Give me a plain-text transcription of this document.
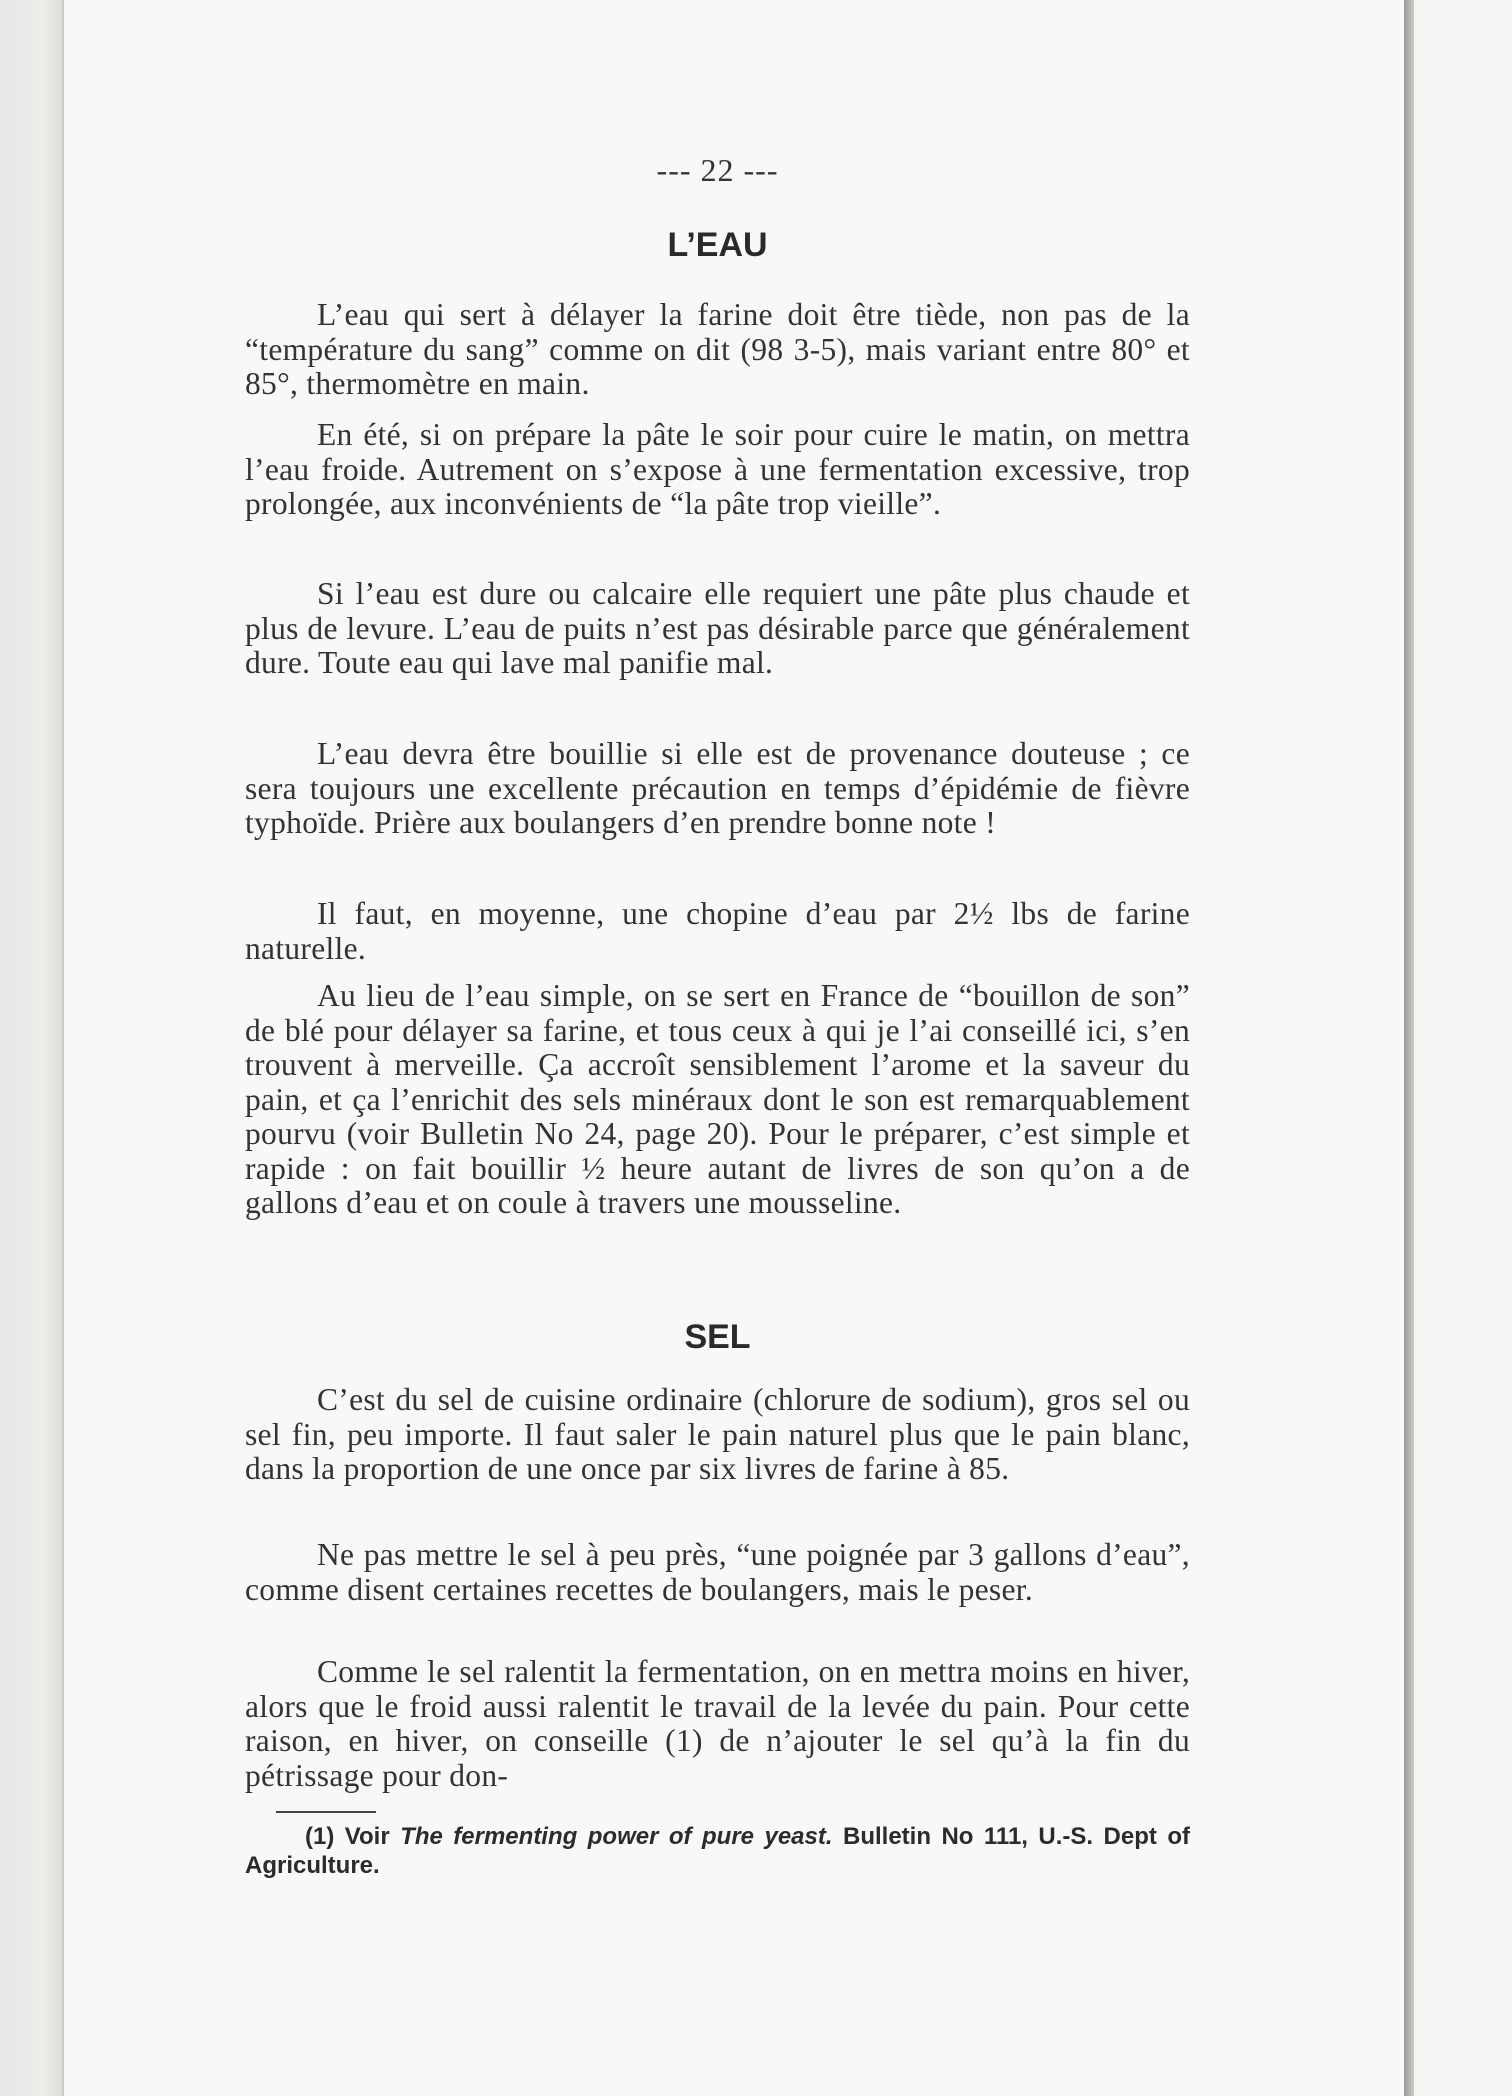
--- 22 ---
L’EAU

L’eau qui sert à délayer la farine doit être tiède, non pas de la “température du sang” comme on dit (98 3-5), mais variant entre 80° et 85°, thermomètre en main.

En été, si on prépare la pâte le soir pour cuire le matin, on mettra l’eau froide. Autrement on s’expose à une fermentation excessive, trop prolongée, aux inconvénients de “la pâte trop vieille”.

Si l’eau est dure ou calcaire elle requiert une pâte plus chaude et plus de levure. L’eau de puits n’est pas désirable parce que généralement dure. Toute eau qui lave mal panifie mal.

L’eau devra être bouillie si elle est de provenance douteuse ; ce sera toujours une excellente précaution en temps d’épidémie de fièvre typhoïde. Prière aux boulangers d’en prendre bonne note !

Il faut, en moyenne, une chopine d’eau par 2½ lbs de farine naturelle.

Au lieu de l’eau simple, on se sert en France de “bouillon de son” de blé pour délayer sa farine, et tous ceux à qui je l’ai conseillé ici, s’en trouvent à merveille. Ça accroît sensiblement l’arome et la saveur du pain, et ça l’enrichit des sels minéraux dont le son est remarquablement pourvu (voir Bulletin No 24, page 20). Pour le préparer, c’est simple et rapide : on fait bouillir ½ heure autant de livres de son qu’on a de gallons d’eau et on coule à travers une mousseline.

SEL

C’est du sel de cuisine ordinaire (chlorure de sodium), gros sel ou sel fin, peu importe. Il faut saler le pain naturel plus que le pain blanc, dans la proportion de une once par six livres de farine à 85.

Ne pas mettre le sel à peu près, “une poignée par 3 gallons d’eau”, comme disent certaines recettes de boulangers, mais le peser.

Comme le sel ralentit la fermentation, on en mettra moins en hiver, alors que le froid aussi ralentit le travail de la levée du pain. Pour cette raison, en hiver, on conseille (1) de n’ajouter le sel qu’à la fin du pétrissage pour don-

(1) Voir The fermenting power of pure yeast. Bulletin No 111, U.-S. Dept of Agriculture.
